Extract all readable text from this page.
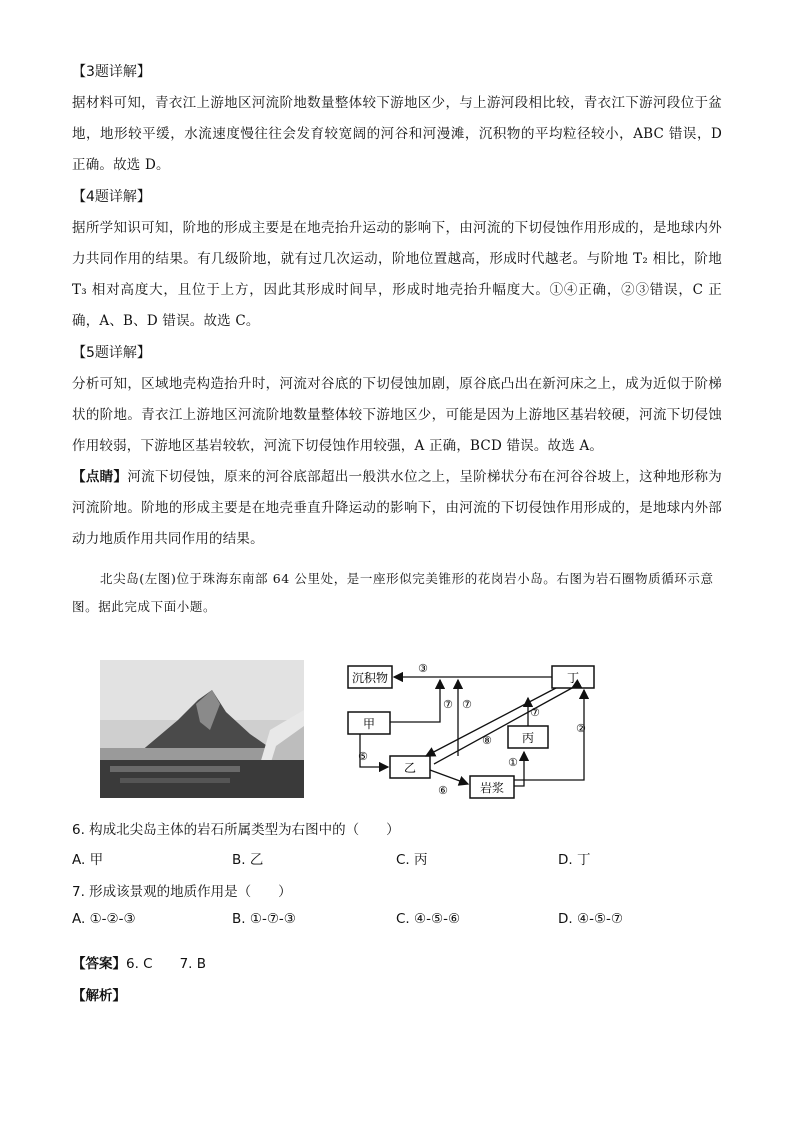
【3题详解】

据材料可知，青衣江上游地区河流阶地数量整体较下游地区少，与上游河段相比较，青衣江下游河段位于盆地，地形较平缓，水流速度慢往往会发育较宽阔的河谷和河漫滩，沉积物的平均粒径较小，ABC 错误，D 正确。故选 D。

【4题详解】

据所学知识可知，阶地的形成主要是在地壳抬升运动的影响下，由河流的下切侵蚀作用形成的，是地球内外力共同作用的结果。有几级阶地，就有过几次运动，阶地位置越高，形成时代越老。与阶地 T₂ 相比，阶地 T₃ 相对高度大，且位于上方，因此其形成时间早，形成时地壳抬升幅度大。①④正确，②③错误，C 正确，A、B、D 错误。故选 C。

【5题详解】

分析可知，区域地壳构造抬升时，河流对谷底的下切侵蚀加剧，原谷底凸出在新河床之上，成为近似于阶梯状的阶地。青衣江上游地区河流阶地数量整体较下游地区少，可能是因为上游地区基岩较硬，河流下切侵蚀作用较弱，下游地区基岩较软，河流下切侵蚀作用较强，A 正确，BCD 错误。故选 A。

【点睛】河流下切侵蚀，原来的河谷底部超出一般洪水位之上，呈阶梯状分布在河谷谷坡上，这种地形称为河流阶地。阶地的形成主要是在地壳垂直升降运动的影响下，由河流的下切侵蚀作用形成的，是地球内外部动力地质作用共同作用的结果。

北尖岛(左图)位于珠海东南部 64 公里处，是一座形似完美锥形的花岗岩小岛。右图为岩石圈物质循环示意图。据此完成下面小题。

沉积物
甲
乙
丙
丁
岩浆
③
⑦ ⑦
⑦
⑤
⑥
⑧
①
②
6. 构成北尖岛主体的岩石所属类型为右图中的（　　）
A. 甲	B. 乙	C. 丙	D. 丁
7. 形成该景观的地质作用是（　　）
A. ①-②-③	B. ①-⑦-③	C. ④-⑤-⑥	D. ④-⑤-⑦
【答案】6. C　　7. B
【解析】
